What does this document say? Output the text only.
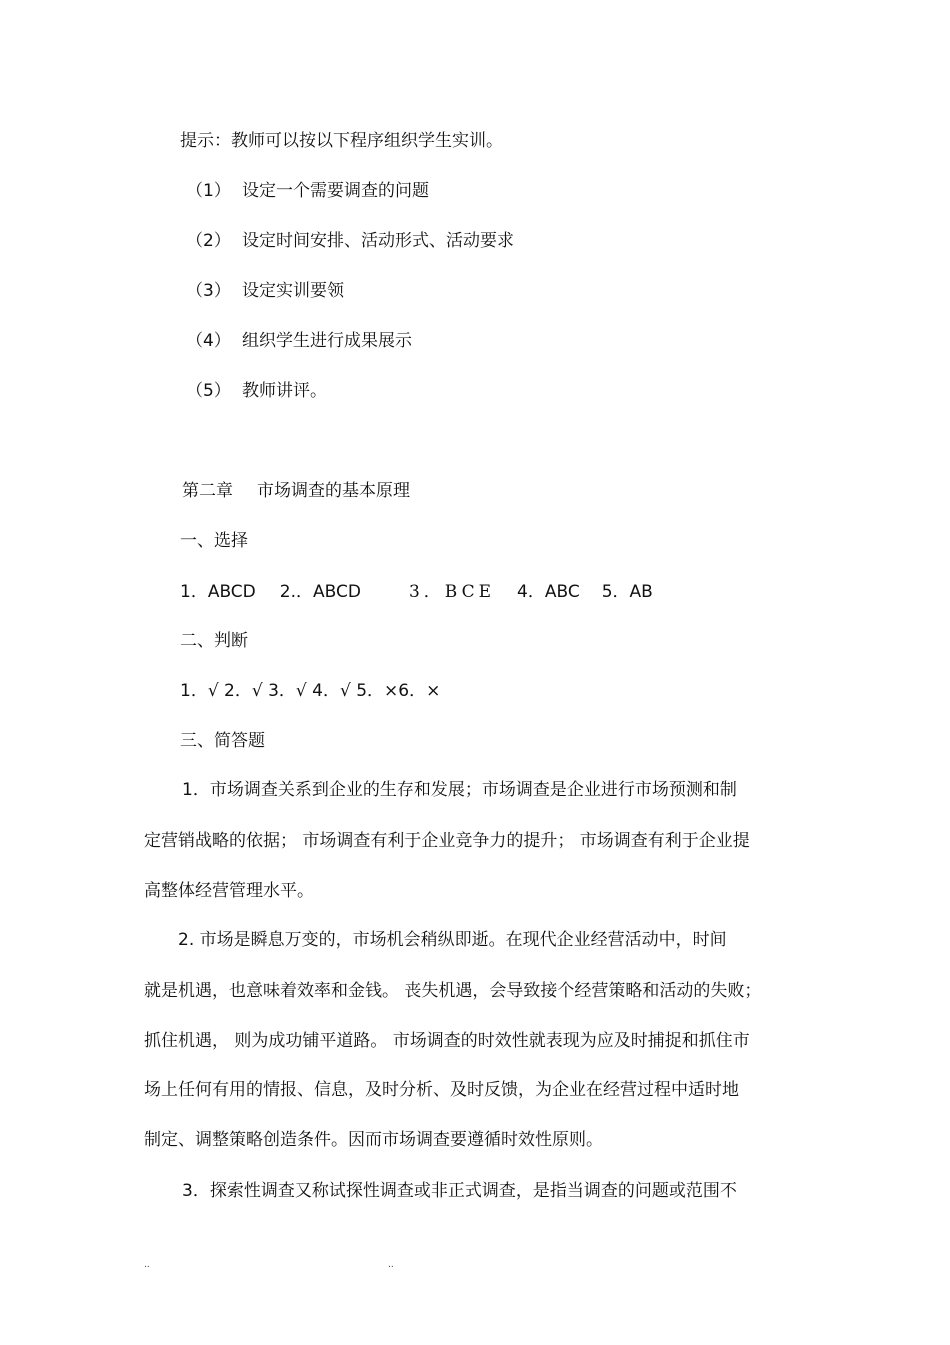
提示：教师可以按以下程序组织学生实训。
（1） 设定一个需要调查的问题
（2） 设定时间安排、活动形式、活动要求
（3） 设定实训要领
（4） 组织学生进行成果展示
（5） 教师讲评。
第二章 市场调查的基本原理
一、选择
1．ABCD 2.．ABCD	3．BCE 4．ABC 5．AB
二、判断
1．√ 2．√ 3．√ 4．√ 5．×6．×
三、简答题
1．市场调查关系到企业的生存和发展；市场调查是企业进行市场预测和制
定营销战略的依据； 市场调查有利于企业竞争力的提升； 市场调查有利于企业提
高整体经营管理水平。
2. 市场是瞬息万变的，市场机会稍纵即逝。在现代企业经营活动中，时间
就是机遇，也意味着效率和金钱。 丧失机遇，会导致接个经营策略和活动的失败；
抓住机遇， 则为成功铺平道路。 市场调查的时效性就表现为应及时捕捉和抓住市
场上任何有用的情报、信息，及时分析、及时反馈，为企业在经营过程中适时地
制定、调整策略创造条件。因而市场调查要遵循时效性原则。
3．探索性调查又称试探性调查或非正式调查，是指当调查的问题或范围不
..	..
